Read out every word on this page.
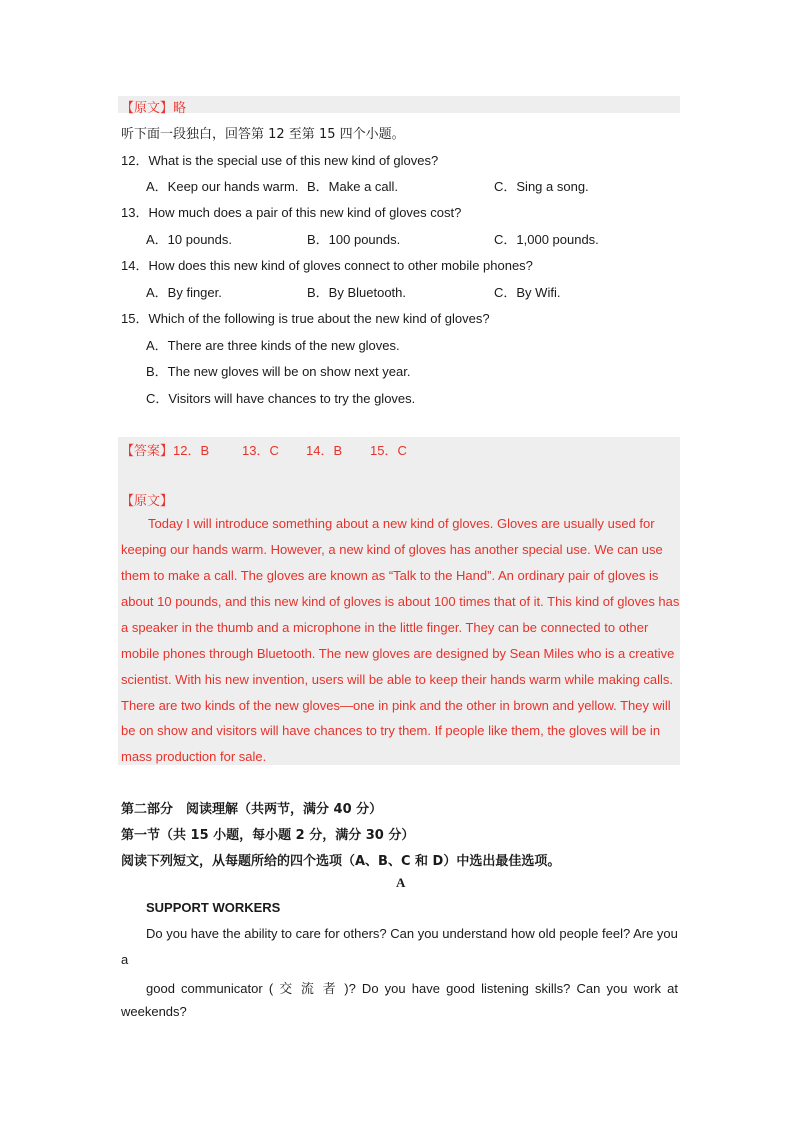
【原文】略
听下面一段独白，回答第 12 至第 15 四个小题。
12．What is the special use of this new kind of gloves?
A．Keep our hands warm. B．Make a call.	C．Sing a song.
13．How much does a pair of this new kind of gloves cost?
A．10 pounds.	B．100 pounds.	C．1,000 pounds.
14．How does this new kind of gloves connect to other mobile phones?
A．By finger.	B．By Bluetooth.	C．By Wifi.
15．Which of the following is true about the new kind of gloves?
A．There are three kinds of the new gloves.
B．The new gloves will be on show next year.
C．Visitors will have chances to try the gloves.
【答案】12．B	13．C 14．B 15．C
【原文】
Today I will introduce something about a new kind of gloves. Gloves are usually used for
keeping our hands warm. However, a new kind of gloves has another special use. We can use
them to make a call. The gloves are known as “Talk to the Hand”. An ordinary pair of gloves is
about 10 pounds, and this new kind of gloves is about 100 times that of it. This kind of gloves has
a speaker in the thumb and a microphone in the little finger. They can be connected to other
mobile phones through Bluetooth. The new gloves are designed by Sean Miles who is a creative
scientist. With his new invention, users will be able to keep their hands warm while making calls.
There are two kinds of the new gloves—one in pink and the other in brown and yellow. They will
be on show and visitors will have chances to try them. If people like them, the gloves will be in
mass production for sale.
第二部分　阅读理解（共两节，满分 40 分）
第一节（共 15 小题，每小题 2 分，满分 30 分）
阅读下列短文，从每题所给的四个选项（A、B、C 和 D）中选出最佳选项。
A
SUPPORT WORKERS
Do you have the ability to care for others? Can you understand how old people feel? Are you
a
good communicator ( 交 流 者 )? Do you have good listening skills? Can you work at
weekends?
